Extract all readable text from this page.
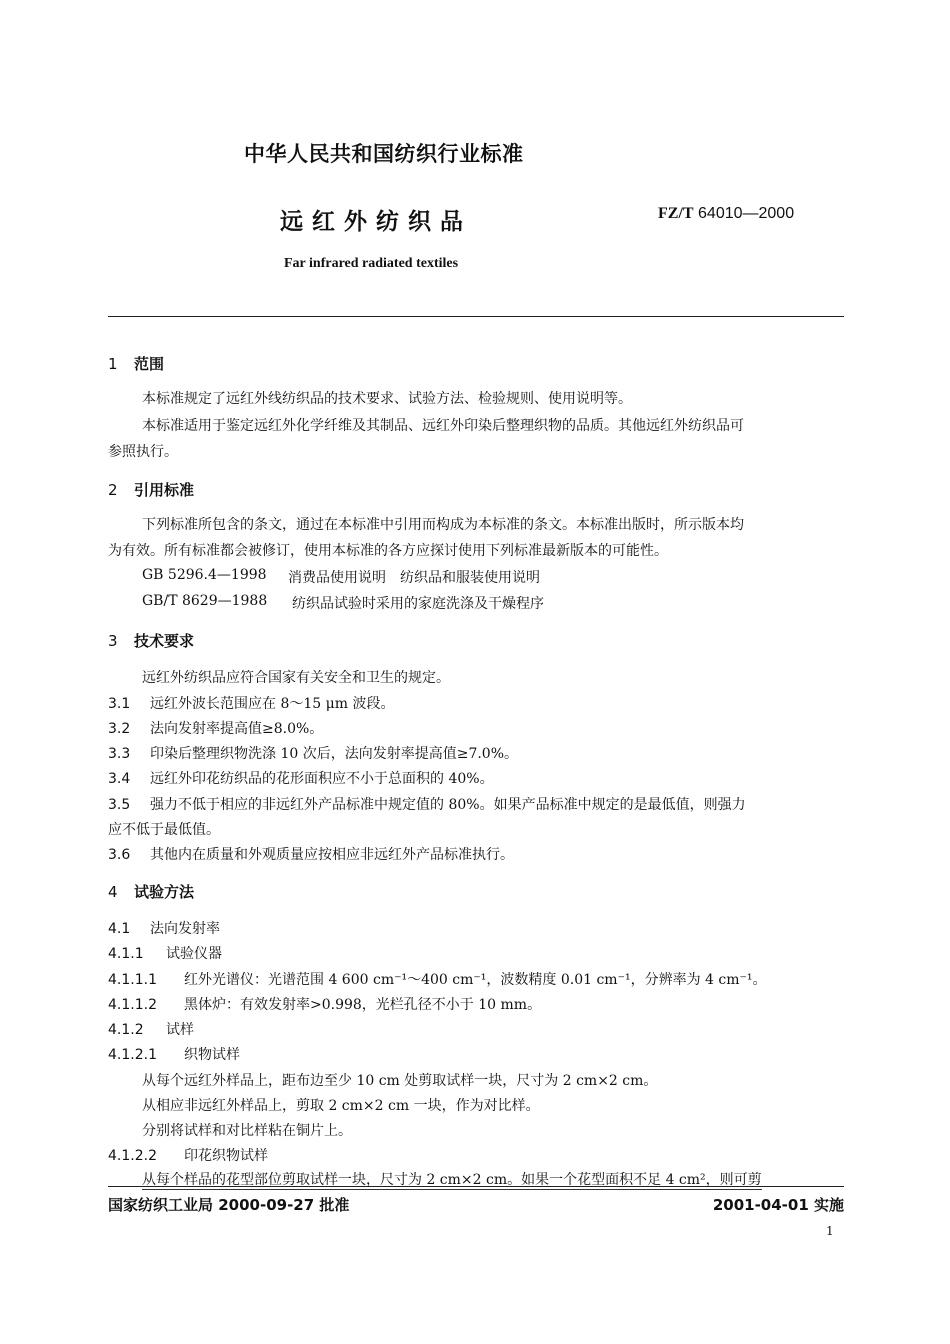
中华人民共和国纺织行业标准
远红外纺织品	FZ/T 64010—2000
Far infrared radiated textiles
1 范围
本标准规定了远红外线纺织品的技术要求、试验方法、检验规则、使用说明等。
本标准适用于鉴定远红外化学纤维及其制品、远红外印染后整理织物的品质。其他远红外纺织品可
参照执行。
2 引用标准
下列标准所包含的条文，通过在本标准中引用而构成为本标准的条文。本标准出版时，所示版本均
为有效。所有标准都会被修订，使用本标准的各方应探讨使用下列标准最新版本的可能性。
GB 5296.4—1998 消费品使用说明　纺织品和服装使用说明
GB/T 8629—1988 纺织品试验时采用的家庭洗涤及干燥程序
3 技术要求
远红外纺织品应符合国家有关安全和卫生的规定。
3.1 远红外波长范围应在 8～15 μm 波段。
3.2 法向发射率提高值≥8.0%。
3.3 印染后整理织物洗涤 10 次后，法向发射率提高值≥7.0%。
3.4 远红外印花纺织品的花形面积应不小于总面积的 40%。
3.5 强力不低于相应的非远红外产品标准中规定值的 80%。如果产品标准中规定的是最低值，则强力
应不低于最低值。
3.6 其他内在质量和外观质量应按相应非远红外产品标准执行。
4 试验方法
4.1 法向发射率
4.1.1 试验仪器
4.1.1.1 红外光谱仪：光谱范围 4 600 cm⁻¹～400 cm⁻¹，波数精度 0.01 cm⁻¹，分辨率为 4 cm⁻¹。
4.1.1.2 黑体炉：有效发射率>0.998，光栏孔径不小于 10 mm。
4.1.2 试样
4.1.2.1 织物试样
从每个远红外样品上，距布边至少 10 cm 处剪取试样一块，尺寸为 2 cm×2 cm。
从相应非远红外样品上，剪取 2 cm×2 cm 一块，作为对比样。
分别将试样和对比样粘在铜片上。
4.1.2.2 印花织物试样
从每个样品的花型部位剪取试样一块，尺寸为 2 cm×2 cm。如果一个花型面积不足 4 cm²，则可剪
国家纺织工业局 2000-09-27 批准	2001-04-01 实施
1
